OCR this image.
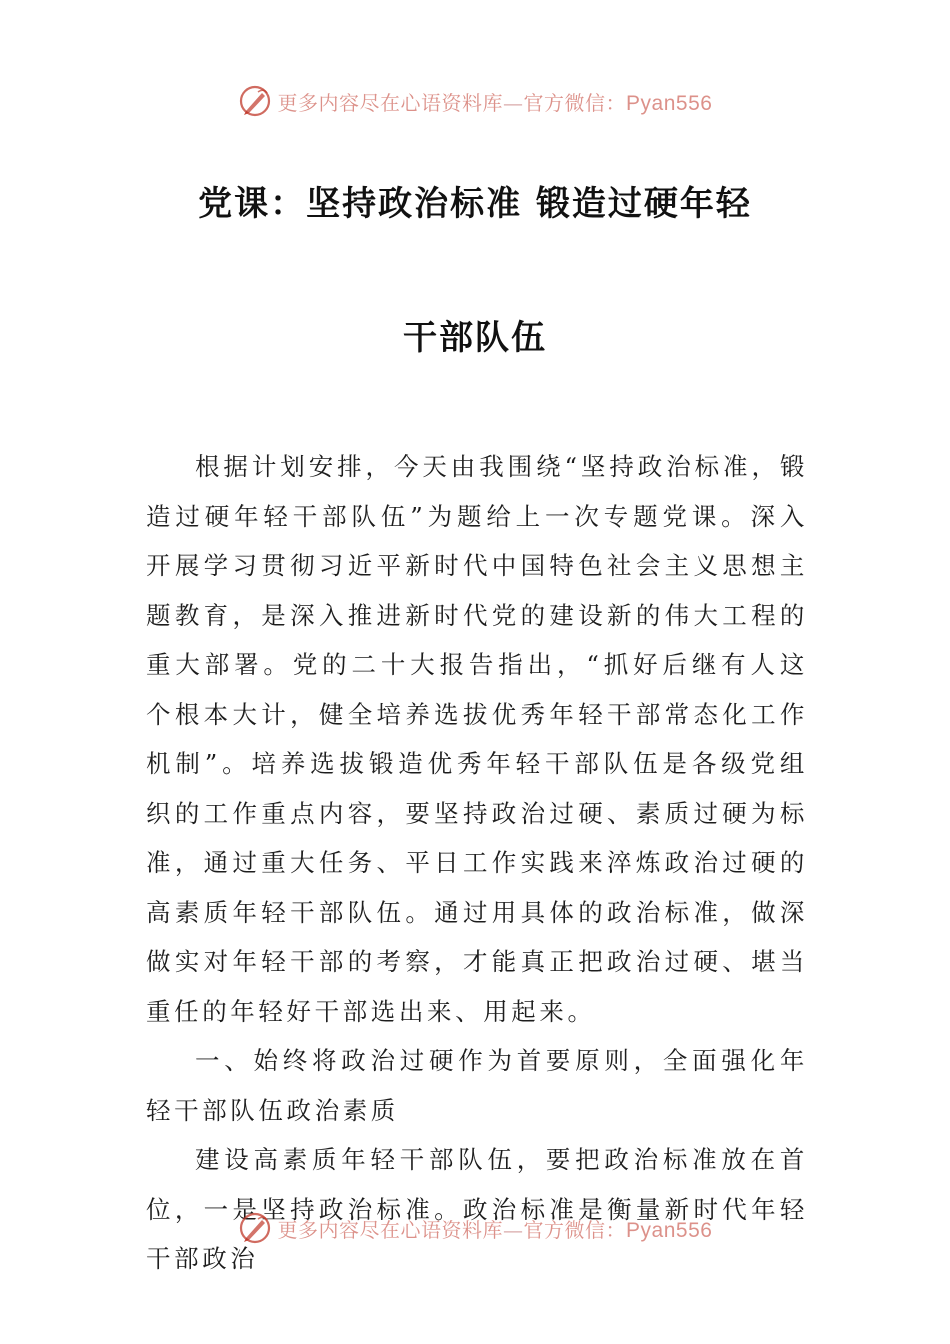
更多内容尽在心语资料库—官方微信：Pyan556
党课：坚持政治标准 锻造过硬年轻
干部队伍

根据计划安排，今天由我围绕“坚持政治标准，锻造过硬年轻干部队伍”为题给上一次专题党课。深入开展学习贯彻习近平新时代中国特色社会主义思想主题教育，是深入推进新时代党的建设新的伟大工程的重大部署。党的二十大报告指出，“抓好后继有人这个根本大计，健全培养选拔优秀年轻干部常态化工作机制”。培养选拔锻造优秀年轻干部队伍是各级党组织的工作重点内容，要坚持政治过硬、素质过硬为标准，通过重大任务、平日工作实践来淬炼政治过硬的高素质年轻干部队伍。通过用具体的政治标准，做深做实对年轻干部的考察，才能真正把政治过硬、堪当重任的年轻好干部选出来、用起来。

一、始终将政治过硬作为首要原则，全面强化年轻干部队伍政治素质

建设高素质年轻干部队伍，要把政治标准放在首位，一是坚持政治标准。政治标准是衡量新时代年轻干部政治

更多内容尽在心语资料库—官方微信：Pyan556
